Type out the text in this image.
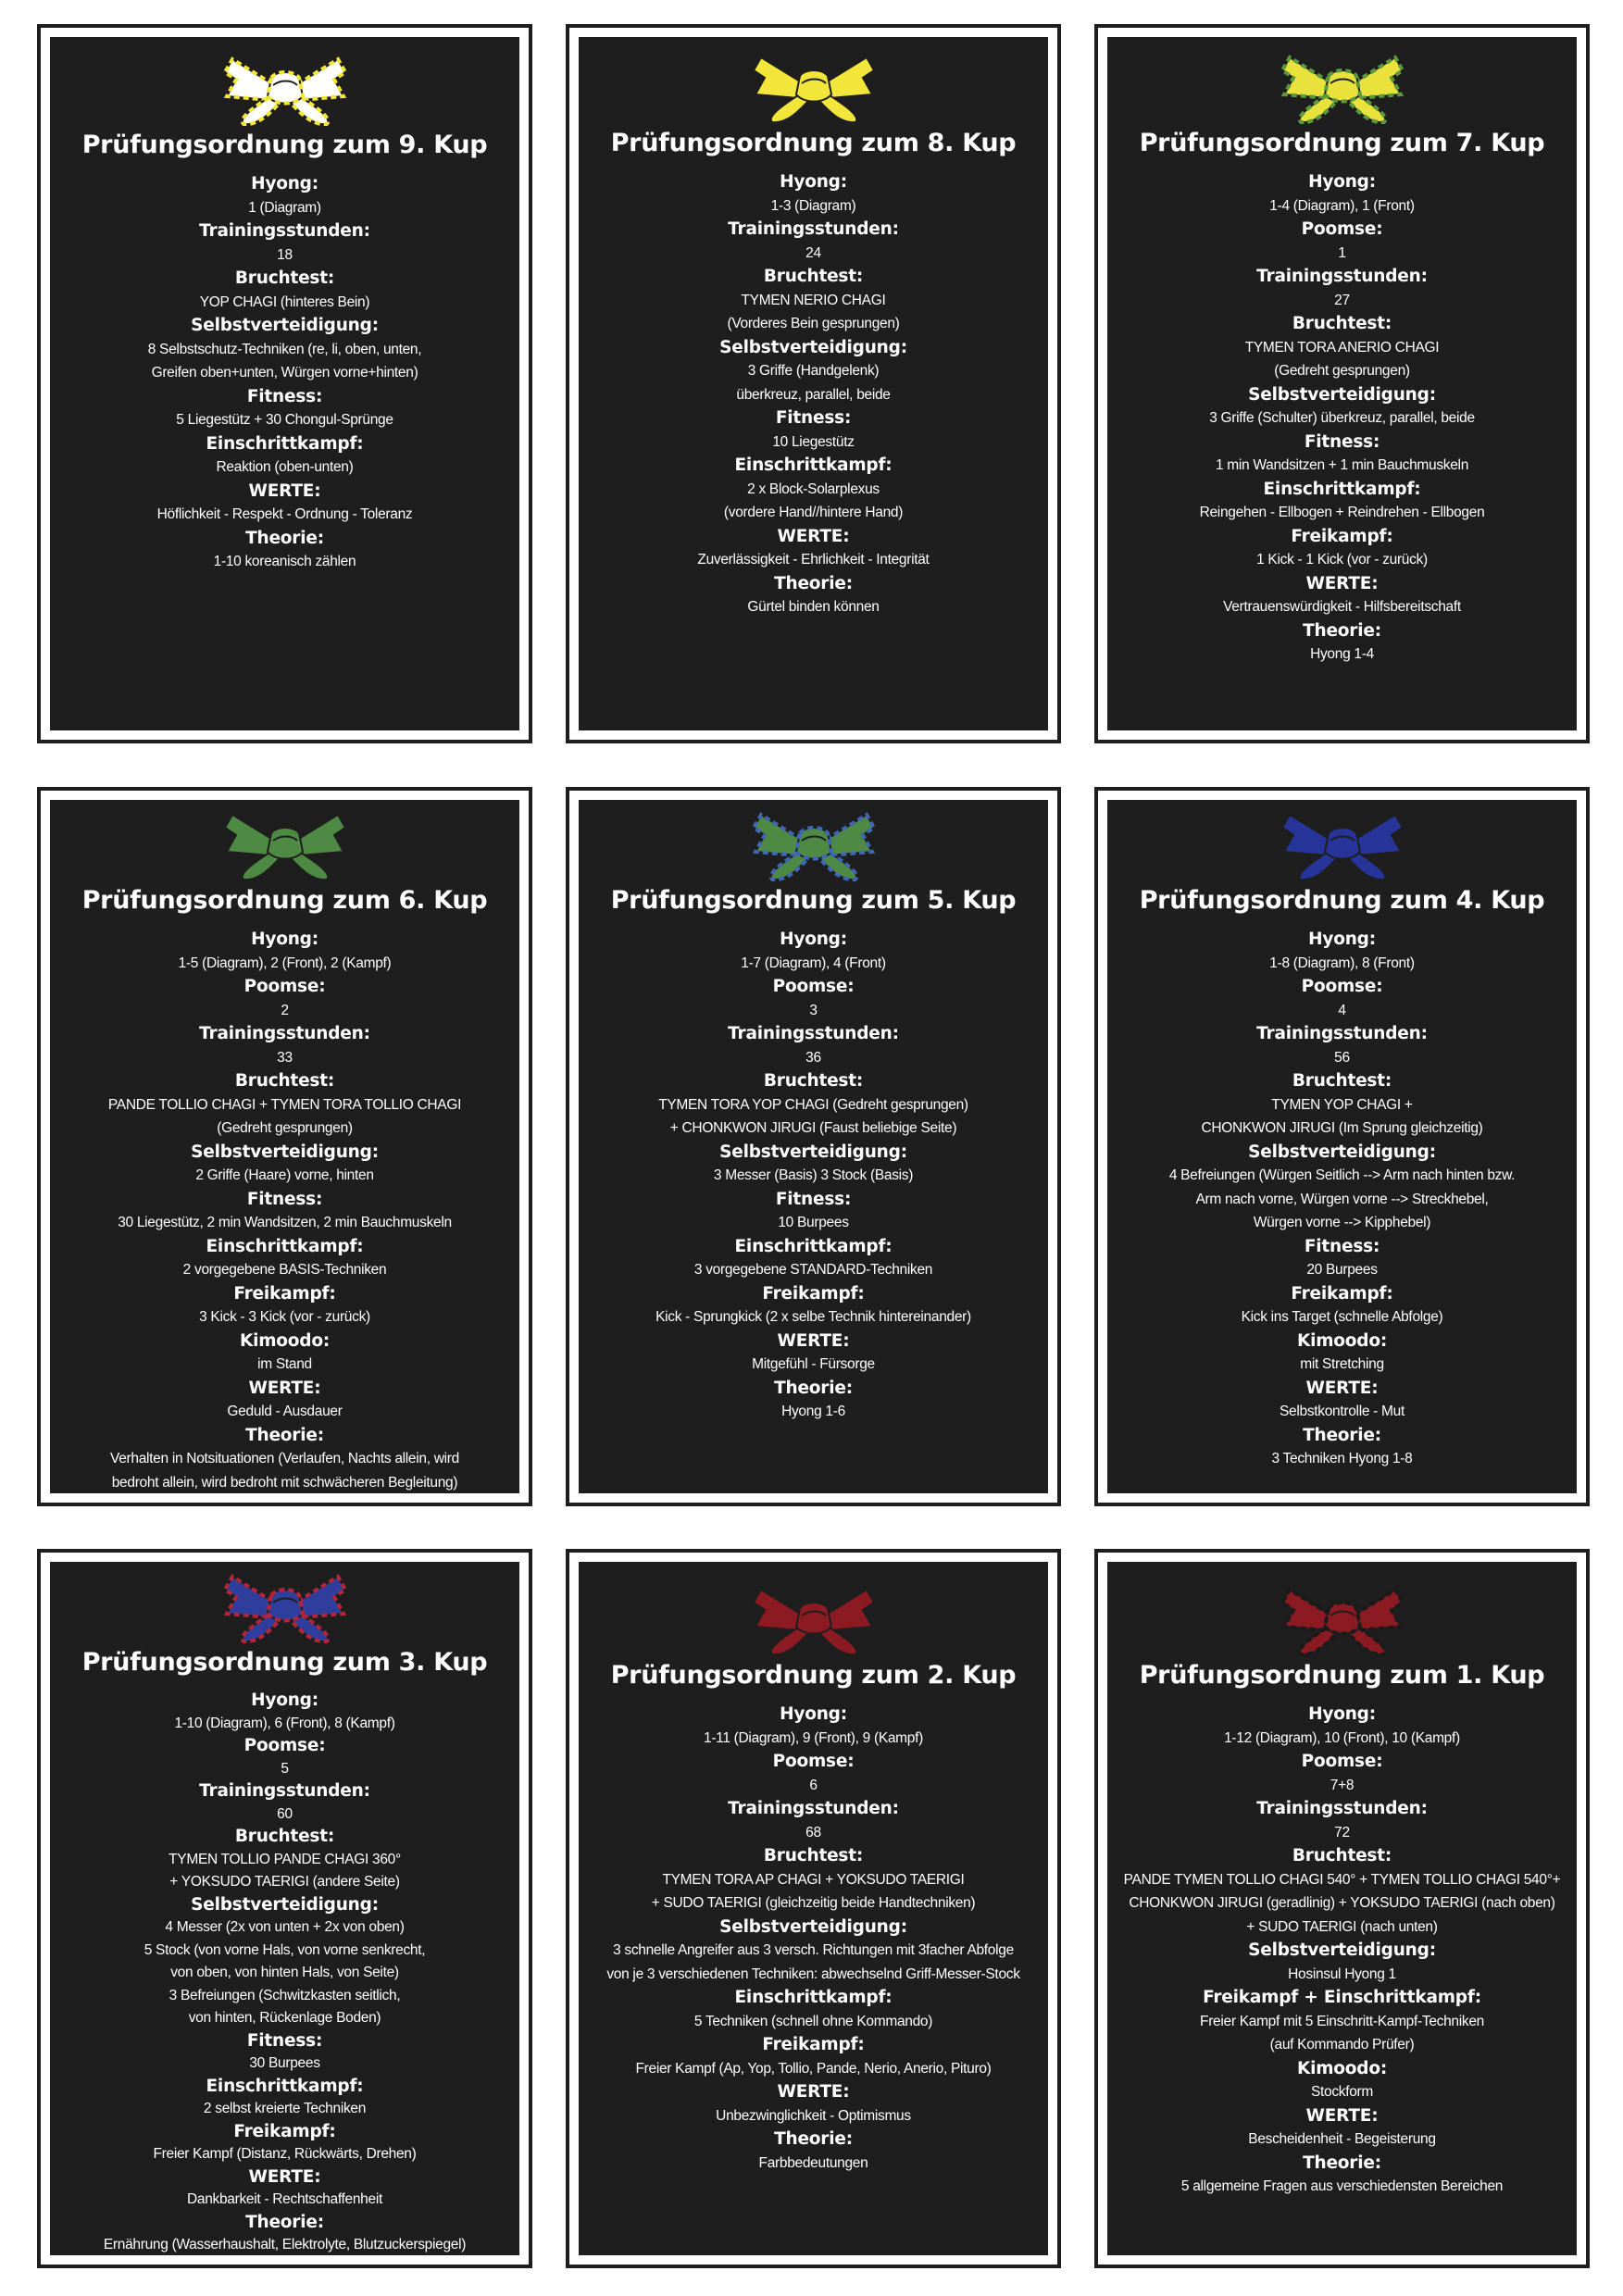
Prüfungsordnung zum 9. Kup
Hyong:
1 (Diagram)
Trainingsstunden:
18
Bruchtest:
YOP CHAGI (hinteres Bein)
Selbstverteidigung:
8 Selbstschutz-Techniken (re, li, oben, unten,
Greifen oben+unten, Würgen vorne+hinten)
Fitness:
5 Liegestütz + 30 Chongul-Sprünge
Einschrittkampf:
Reaktion (oben-unten)
WERTE:
Höflichkeit - Respekt - Ordnung - Toleranz
Theorie:
1-10 koreanisch zählen
Prüfungsordnung zum 8. Kup
Hyong:
1-3 (Diagram)
Trainingsstunden:
24
Bruchtest:
TYMEN NERIO CHAGI
(Vorderes Bein gesprungen)
Selbstverteidigung:
3 Griffe (Handgelenk)
überkreuz, parallel, beide
Fitness:
10 Liegestütz
Einschrittkampf:
2 x Block-Solarplexus
(vordere Hand//hintere Hand)
WERTE:
Zuverlässigkeit - Ehrlichkeit - Integrität
Theorie:
Gürtel binden können
Prüfungsordnung zum 7. Kup
Hyong:
1-4 (Diagram), 1 (Front)
Poomse:
1
Trainingsstunden:
27
Bruchtest:
TYMEN TORA ANERIO CHAGI
(Gedreht gesprungen)
Selbstverteidigung:
3 Griffe (Schulter) überkreuz, parallel, beide
Fitness:
1 min Wandsitzen + 1 min Bauchmuskeln
Einschrittkampf:
Reingehen - Ellbogen + Reindrehen - Ellbogen
Freikampf:
1 Kick - 1 Kick (vor - zurück)
WERTE:
Vertrauenswürdigkeit - Hilfsbereitschaft
Theorie:
Hyong 1-4
Prüfungsordnung zum 6. Kup
Hyong:
1-5 (Diagram), 2 (Front), 2 (Kampf)
Poomse:
2
Trainingsstunden:
33
Bruchtest:
PANDE TOLLIO CHAGI + TYMEN TORA TOLLIO CHAGI
(Gedreht gesprungen)
Selbstverteidigung:
2 Griffe (Haare) vorne, hinten
Fitness:
30 Liegestütz, 2 min Wandsitzen, 2 min Bauchmuskeln
Einschrittkampf:
2 vorgegebene BASIS-Techniken
Freikampf:
3 Kick - 3 Kick (vor - zurück)
Kimoodo:
im Stand
WERTE:
Geduld - Ausdauer
Theorie:
Verhalten in Notsituationen (Verlaufen, Nachts allein, wird
bedroht allein, wird bedroht mit schwächeren Begleitung)
Prüfungsordnung zum 5. Kup
Hyong:
1-7 (Diagram), 4 (Front)
Poomse:
3
Trainingsstunden:
36
Bruchtest:
TYMEN TORA YOP CHAGI (Gedreht gesprungen)
+ CHONKWON JIRUGI (Faust beliebige Seite)
Selbstverteidigung:
3 Messer (Basis) 3 Stock (Basis)
Fitness:
10 Burpees
Einschrittkampf:
3 vorgegebene STANDARD-Techniken
Freikampf:
Kick - Sprungkick (2 x selbe Technik hintereinander)
WERTE:
Mitgefühl - Fürsorge
Theorie:
Hyong 1-6
Prüfungsordnung zum 4. Kup
Hyong:
1-8 (Diagram), 8 (Front)
Poomse:
4
Trainingsstunden:
56
Bruchtest:
TYMEN YOP CHAGI +
CHONKWON JIRUGI (Im Sprung gleichzeitig)
Selbstverteidigung:
4 Befreiungen (Würgen Seitlich --> Arm nach hinten bzw.
Arm nach vorne, Würgen vorne --> Streckhebel,
Würgen vorne --> Kipphebel)
Fitness:
20 Burpees
Freikampf:
Kick ins Target (schnelle Abfolge)
Kimoodo:
mit Stretching
WERTE:
Selbstkontrolle - Mut
Theorie:
3 Techniken Hyong 1-8
Prüfungsordnung zum 3. Kup
Hyong:
1-10 (Diagram), 6 (Front), 8 (Kampf)
Poomse:
5
Trainingsstunden:
60
Bruchtest:
TYMEN TOLLIO PANDE CHAGI 360°
+ YOKSUDO TAERIGI (andere Seite)
Selbstverteidigung:
4 Messer (2x von unten + 2x von oben)
5 Stock (von vorne Hals, von vorne senkrecht,
von oben, von hinten Hals, von Seite)
3 Befreiungen (Schwitzkasten seitlich,
von hinten, Rückenlage Boden)
Fitness:
30 Burpees
Einschrittkampf:
2 selbst kreierte Techniken
Freikampf:
Freier Kampf (Distanz, Rückwärts, Drehen)
WERTE:
Dankbarkeit - Rechtschaffenheit
Theorie:
Ernährung (Wasserhaushalt, Elektrolyte, Blutzuckerspiegel)
Prüfungsordnung zum 2. Kup
Hyong:
1-11 (Diagram), 9 (Front), 9 (Kampf)
Poomse:
6
Trainingsstunden:
68
Bruchtest:
TYMEN TORA AP CHAGI + YOKSUDO TAERIGI
+ SUDO TAERIGI (gleichzeitig beide Handtechniken)
Selbstverteidigung:
3 schnelle Angreifer aus 3 versch. Richtungen mit 3facher Abfolge
von je 3 verschiedenen Techniken: abwechselnd Griff-Messer-Stock
Einschrittkampf:
5 Techniken (schnell ohne Kommando)
Freikampf:
Freier Kampf (Ap, Yop, Tollio, Pande, Nerio, Anerio, Pituro)
WERTE:
Unbezwinglichkeit - Optimismus
Theorie:
Farbbedeutungen
Prüfungsordnung zum 1. Kup
Hyong:
1-12 (Diagram), 10 (Front), 10 (Kampf)
Poomse:
7+8
Trainingsstunden:
72
Bruchtest:
PANDE TYMEN TOLLIO CHAGI 540° + TYMEN TOLLIO CHAGI 540°+
CHONKWON JIRUGI (geradlinig) + YOKSUDO TAERIGI (nach oben)
+ SUDO TAERIGI (nach unten)
Selbstverteidigung:
Hosinsul Hyong 1
Freikampf + Einschrittkampf:
Freier Kampf mit 5 Einschritt-Kampf-Techniken
(auf Kommando Prüfer)
Kimoodo:
Stockform
WERTE:
Bescheidenheit - Begeisterung
Theorie:
5 allgemeine Fragen aus verschiedensten Bereichen
